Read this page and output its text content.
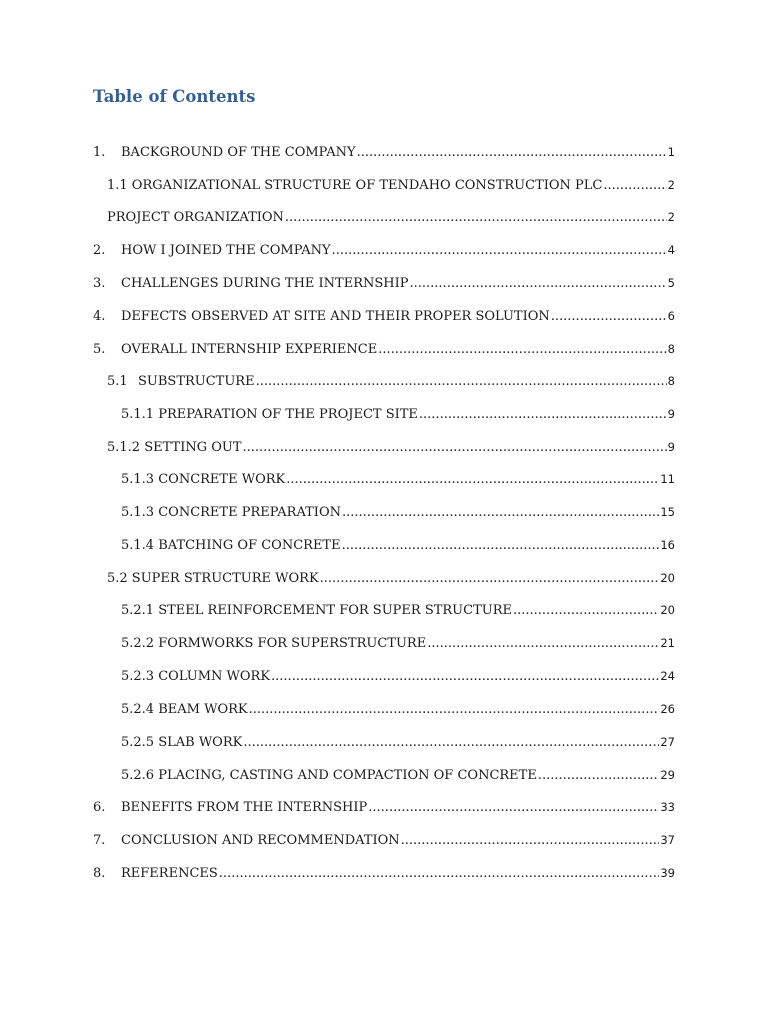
Table of Contents
1.	BACKGROUND OF THE COMPANY .....	1
1.1 ORGANIZATIONAL STRUCTURE OF TENDAHO CONSTRUCTION PLC .....	2
PROJECT ORGANIZATION .....	2
2.	HOW I JOINED THE COMPANY .....	4
3.	CHALLENGES DURING THE INTERNSHIP .....	5
4.	DEFECTS OBSERVED AT SITE AND THEIR PROPER SOLUTION .....	6
5.	OVERALL INTERNSHIP EXPERIENCE .....	8
5.1 SUBSTRUCTURE .....	8
5.1.1 PREPARATION OF THE PROJECT SITE .....	9
5.1.2 SETTING OUT .....	9
5.1.3 CONCRETE WORK .....	11
5.1.3 CONCRETE PREPARATION .....	15
5.1.4 BATCHING OF CONCRETE .....	16
5.2 SUPER STRUCTURE WORK .....	20
5.2.1 STEEL REINFORCEMENT FOR SUPER STRUCTURE .....	20
5.2.2 FORMWORKS FOR SUPERSTRUCTURE .....	21
5.2.3 COLUMN WORK .....	24
5.2.4 BEAM WORK .....	26
5.2.5 SLAB WORK .....	27
5.2.6 PLACING, CASTING AND COMPACTION OF CONCRETE .....	29
6.	BENEFITS FROM THE INTERNSHIP .....	33
7.	CONCLUSION AND RECOMMENDATION .....	37
8.	REFERENCES .....	39
